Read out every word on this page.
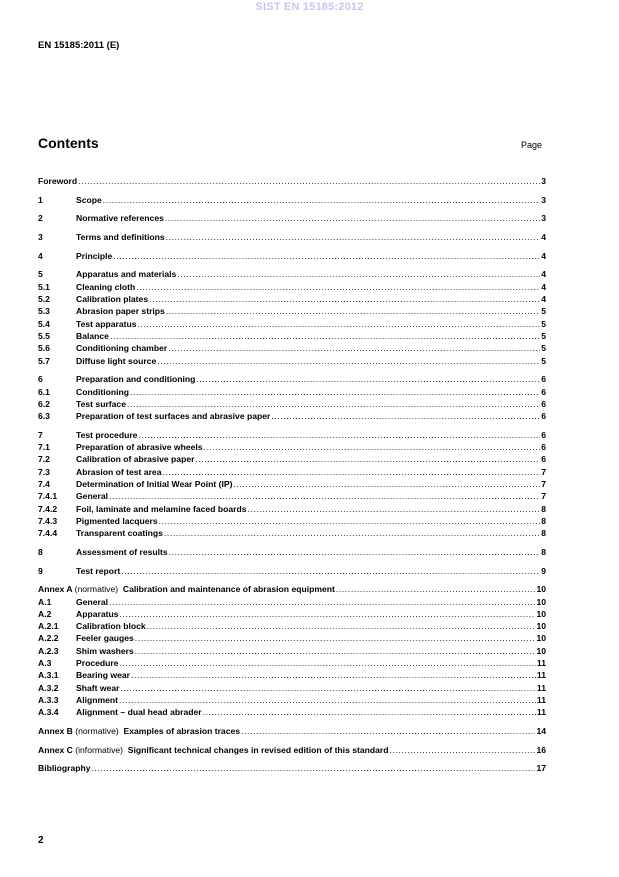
SIST EN 15185:2012
EN 15185:2011 (E)
Contents	Page
Foreword .....	3
1	Scope .....	3
2	Normative references .....	3
3	Terms and definitions .....	4
4	Principle .....	4
5	Apparatus and materials .....	4
5.1	Cleaning cloth .....	4
5.2	Calibration plates .....	4
5.3	Abrasion paper strips .....	5
5.4	Test apparatus .....	5
5.5	Balance .....	5
5.6	Conditioning chamber .....	5
5.7	Diffuse light source .....	5
6	Preparation and conditioning .....	6
6.1	Conditioning .....	6
6.2	Test surface .....	6
6.3	Preparation of test surfaces and abrasive paper .....	6
7	Test procedure .....	6
7.1	Preparation of abrasive wheels .....	6
7.2	Calibration of abrasive paper .....	6
7.3	Abrasion of test area .....	7
7.4	Determination of Initial Wear Point (IP) .....	7
7.4.1	General .....	7
7.4.2	Foil, laminate and melamine faced boards .....	8
7.4.3	Pigmented lacquers .....	8
7.4.4	Transparent coatings .....	8
8	Assessment of results .....	8
9	Test report .....	9
Annex A (normative) Calibration and maintenance of abrasion equipment .....	10
A.1	General .....	10
A.2	Apparatus .....	10
A.2.1	Calibration block .....	10
A.2.2	Feeler gauges .....	10
A.2.3	Shim washers .....	10
A.3	Procedure .....	11
A.3.1	Bearing wear .....	11
A.3.2	Shaft wear .....	11
A.3.3	Alignment .....	11
A.3.4	Alignment – dual head abrader .....	11
Annex B (normative) Examples of abrasion traces .....	14
Annex C (informative) Significant technical changes in revised edition of this standard .....	16
Bibliography .....	17
2
